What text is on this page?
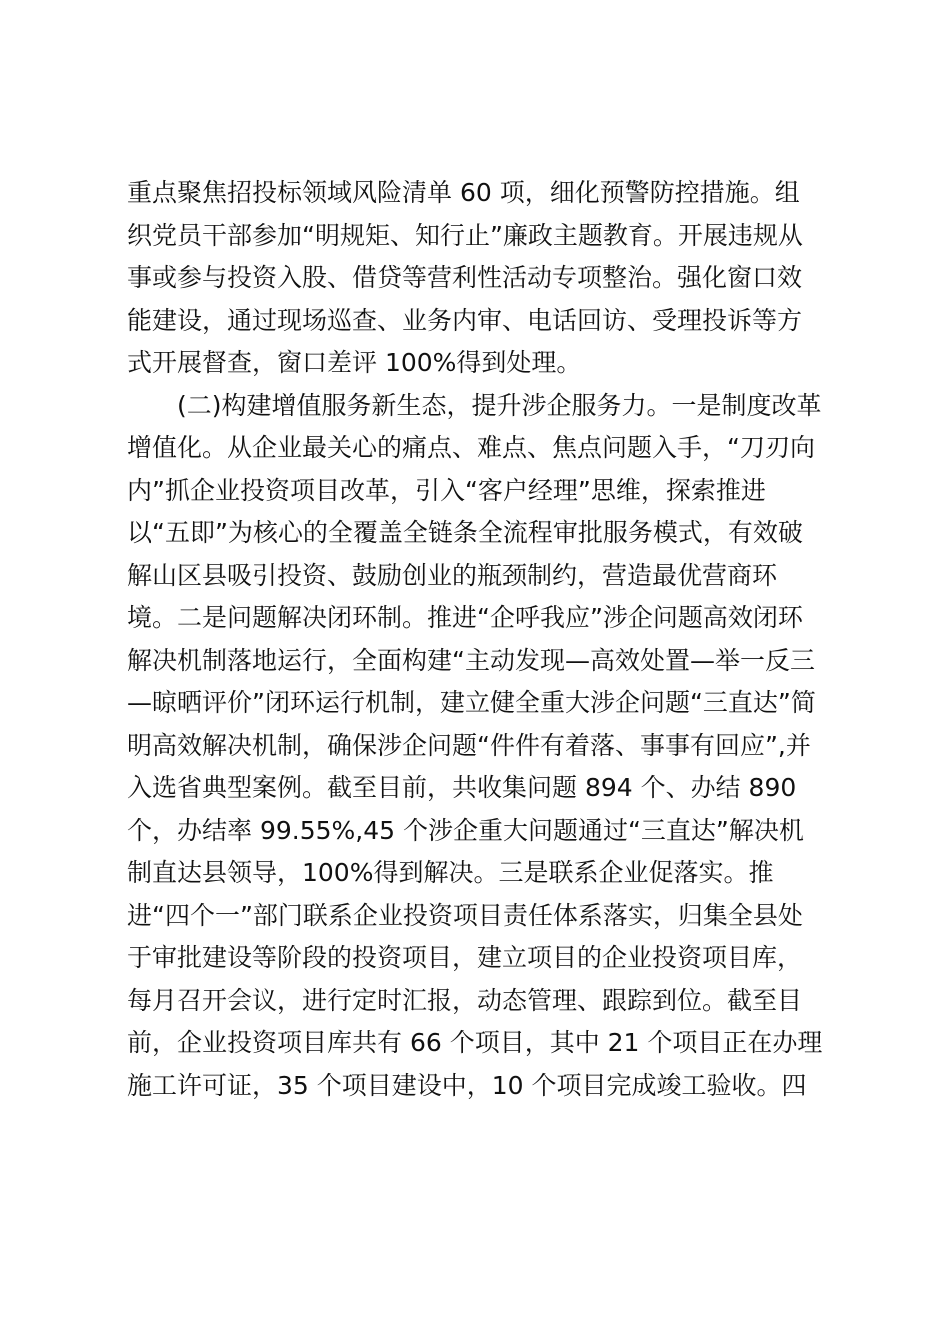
重点聚焦招投标领域风险清单 60 项，细化预警防控措施。组
织党员干部参加“明规矩、知行止”廉政主题教育。开展违规从
事或参与投资入股、借贷等营利性活动专项整治。强化窗口效
能建设，通过现场巡查、业务内审、电话回访、受理投诉等方
式开展督查，窗口差评 100%得到处理。
　　(二)构建增值服务新生态，提升涉企服务力。一是制度改革
增值化。从企业最关心的痛点、难点、焦点问题入手，“刀刃向
内”抓企业投资项目改革，引入“客户经理”思维，探索推进
以“五即”为核心的全覆盖全链条全流程审批服务模式，有效破
解山区县吸引投资、鼓励创业的瓶颈制约，营造最优营商环
境。二是问题解决闭环制。推进“企呼我应”涉企问题高效闭环
解决机制落地运行，全面构建“主动发现—高效处置—举一反三
—晾晒评价”闭环运行机制，建立健全重大涉企问题“三直达”简
明高效解决机制，确保涉企问题“件件有着落、事事有回应”,并
入选省典型案例。截至目前，共收集问题 894 个、办结 890
个，办结率 99.55%,45 个涉企重大问题通过“三直达”解决机
制直达县领导，100%得到解决。三是联系企业促落实。推
进“四个一”部门联系企业投资项目责任体系落实，归集全县处
于审批建设等阶段的投资项目，建立项目的企业投资项目库，
每月召开会议，进行定时汇报，动态管理、跟踪到位。截至目
前，企业投资项目库共有 66 个项目，其中 21 个项目正在办理
施工许可证，35 个项目建设中，10 个项目完成竣工验收。四
